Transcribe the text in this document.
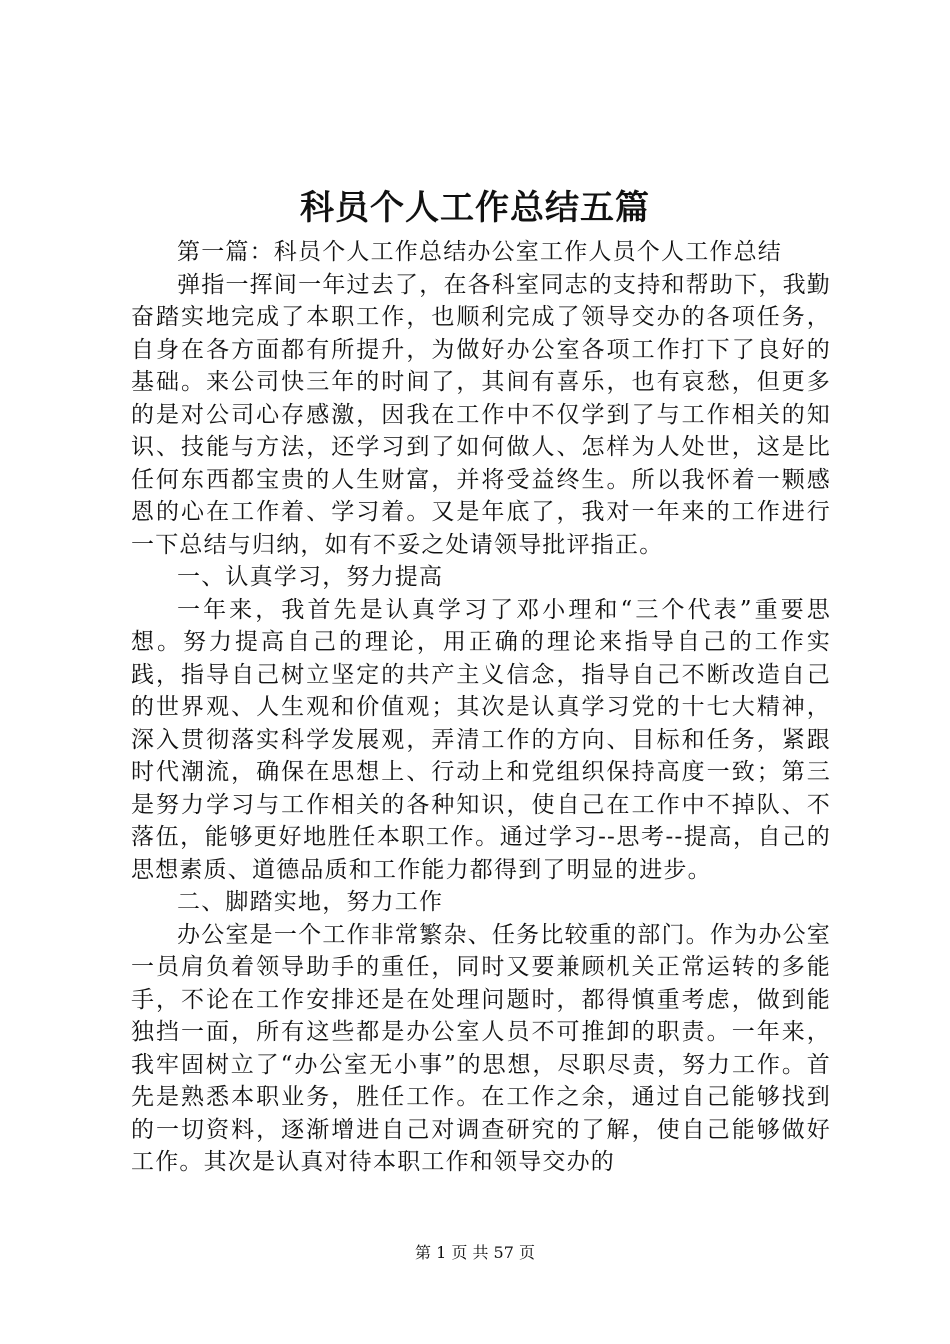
科员个人工作总结五篇

第一篇：科员个人工作总结办公室工作人员个人工作总结

弹指一挥间一年过去了，在各科室同志的支持和帮助下，我勤奋踏实地完成了本职工作，也顺利完成了领导交办的各项任务，自身在各方面都有所提升，为做好办公室各项工作打下了良好的基础。来公司快三年的时间了，其间有喜乐，也有哀愁，但更多的是对公司心存感激，因我在工作中不仅学到了与工作相关的知识、技能与方法，还学习到了如何做人、怎样为人处世，这是比任何东西都宝贵的人生财富，并将受益终生。所以我怀着一颗感恩的心在工作着、学习着。又是年底了，我对一年来的工作进行一下总结与归纳，如有不妥之处请领导批评指正。

一、认真学习，努力提高

一年来，我首先是认真学习了邓小理和“三个代表”重要思想。努力提高自己的理论，用正确的理论来指导自己的工作实践，指导自己树立坚定的共产主义信念，指导自己不断改造自己的世界观、人生观和价值观；其次是认真学习党的十七大精神，深入贯彻落实科学发展观，弄清工作的方向、目标和任务，紧跟时代潮流，确保在思想上、行动上和党组织保持高度一致；第三是努力学习与工作相关的各种知识，使自己在工作中不掉队、不落伍，能够更好地胜任本职工作。通过学习--思考--提高，自己的思想素质、道德品质和工作能力都得到了明显的进步。

二、脚踏实地，努力工作

办公室是一个工作非常繁杂、任务比较重的部门。作为办公室一员肩负着领导助手的重任，同时又要兼顾机关正常运转的多能手，不论在工作安排还是在处理问题时，都得慎重考虑，做到能独挡一面，所有这些都是办公室人员不可推卸的职责。一年来，我牢固树立了“办公室无小事”的思想，尽职尽责，努力工作。首先是熟悉本职业务，胜任工作。在工作之余，通过自己能够找到的一切资料，逐渐增进自己对调查研究的了解，使自己能够做好工作。其次是认真对待本职工作和领导交办的

第 1 页 共 57 页
